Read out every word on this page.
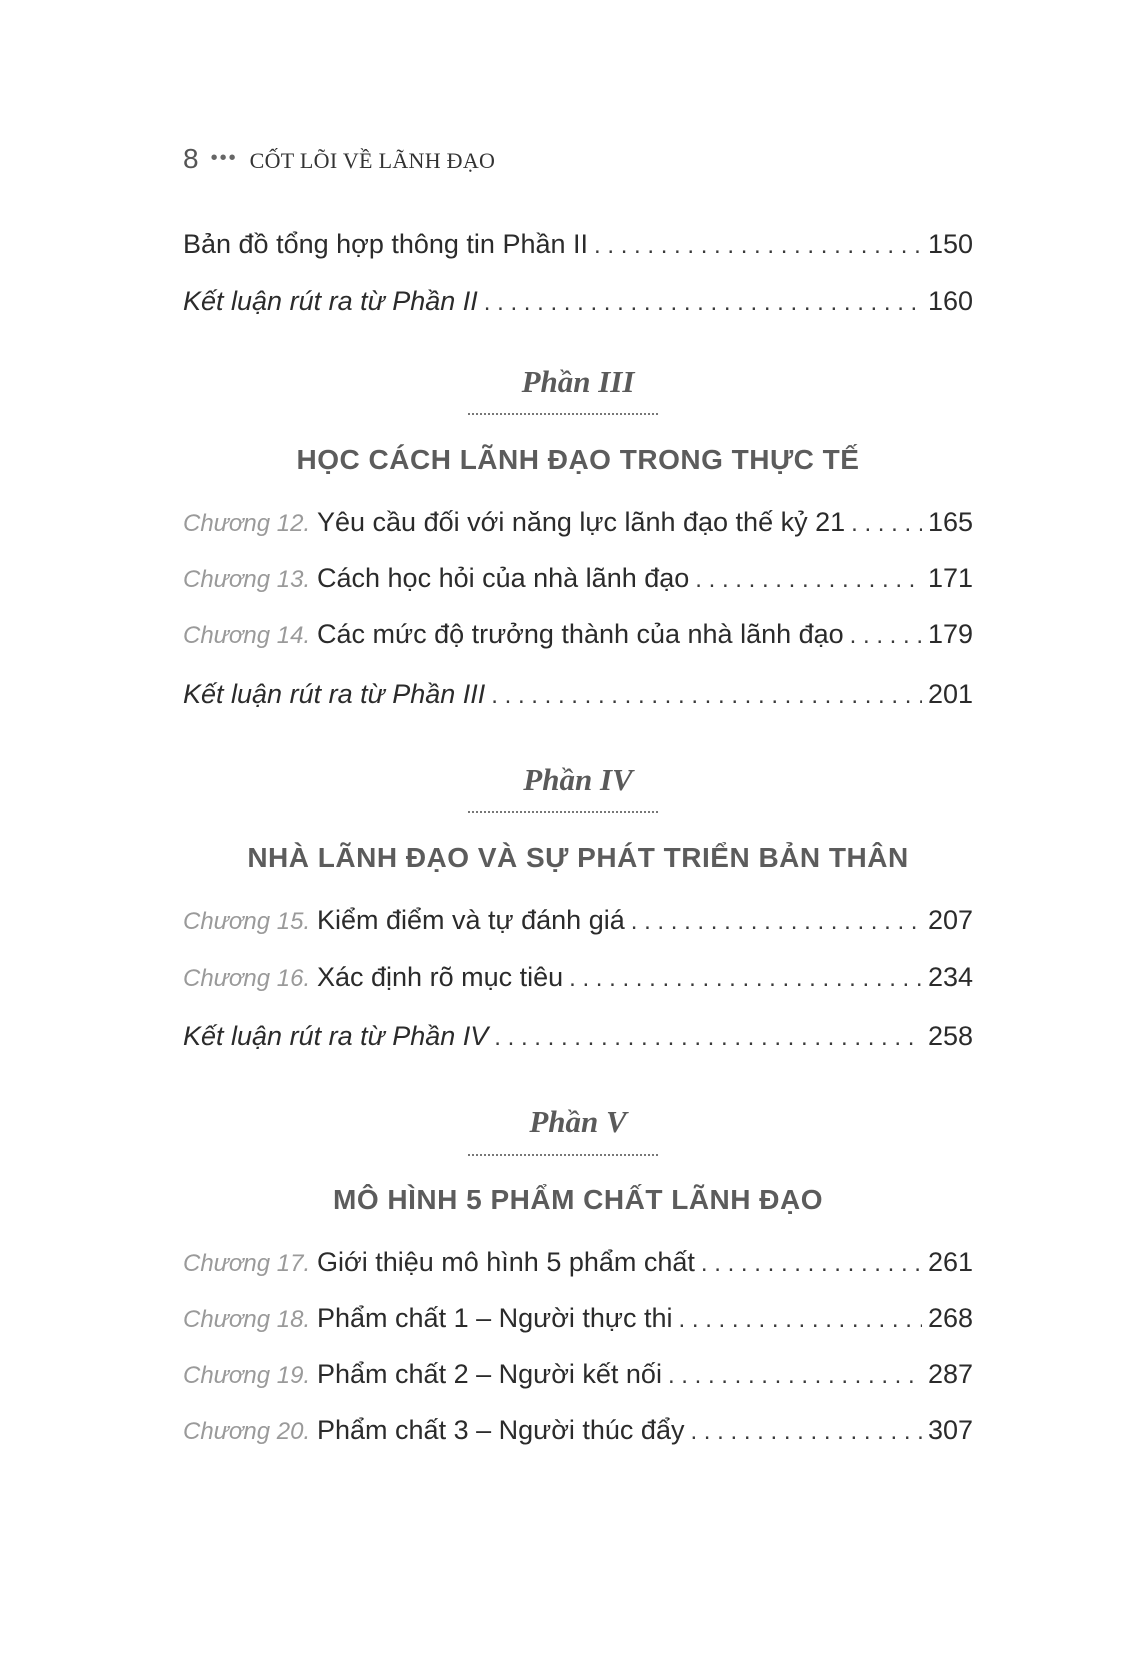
8 ••• CỐT LÕI VỀ LÃNH ĐẠO
Bản đồ tổng hợp thông tin Phần II . . .	150
Kết luận rút ra từ Phần II . . .	160
Phần III
HỌC CÁCH LÃNH ĐẠO TRONG THỰC TẾ
Chương 12. Yêu cầu đối với năng lực lãnh đạo thế kỷ 21 . . .	165
Chương 13. Cách học hỏi của nhà lãnh đạo . . .	171
Chương 14. Các mức độ trưởng thành của nhà lãnh đạo . . .	179
Kết luận rút ra từ Phần III . . .	201
Phần IV
NHÀ LÃNH ĐẠO VÀ SỰ PHÁT TRIỂN BẢN THÂN
Chương 15. Kiểm điểm và tự đánh giá . . .	207
Chương 16. Xác định rõ mục tiêu . . .	234
Kết luận rút ra từ Phần IV . . .	258
Phần V
MÔ HÌNH 5 PHẨM CHẤT LÃNH ĐẠO
Chương 17. Giới thiệu mô hình 5 phẩm chất . . .	261
Chương 18. Phẩm chất 1 – Người thực thi . . .	268
Chương 19. Phẩm chất 2 – Người kết nối . . .	287
Chương 20. Phẩm chất 3 – Người thúc đẩy . . .	307
